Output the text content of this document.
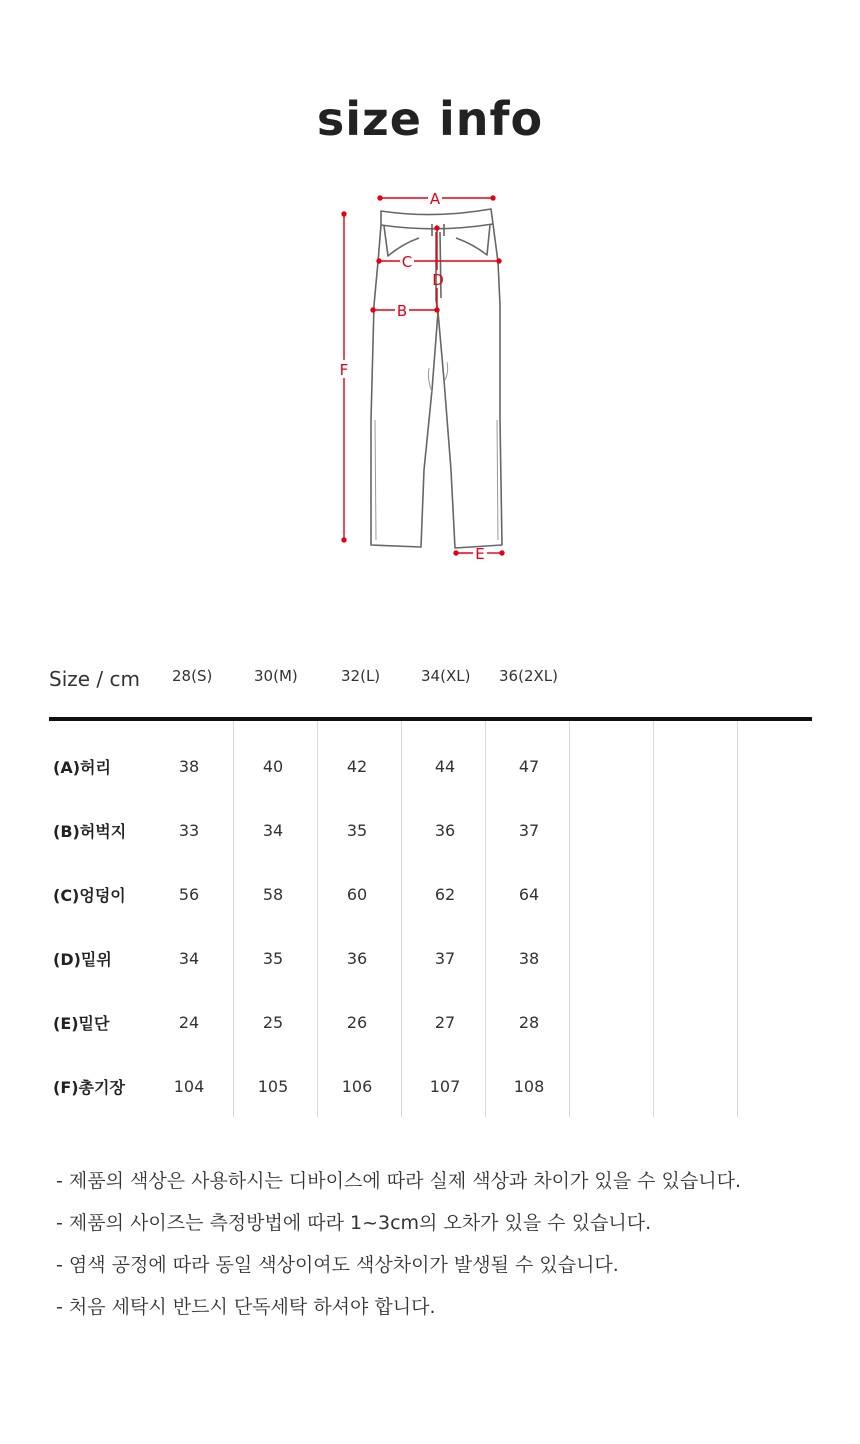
size info
A
C
D
B
F
E
Size / cm 28(S)	30(M)	32(L)	34(XL) 36(2XL)
(A)허리	38	40	42	44	47
(B)허벅지	33	34	35	36	37
(C)엉덩이	56	58	60	62	64
(D)밑위	34	35	36	37	38
(E)밑단	24	25	26	27	28
(F)총기장	104	105	106	107	108
- 제품의 색상은 사용하시는 디바이스에 따라 실제 색상과 차이가 있을 수 있습니다.
- 제품의 사이즈는 측정방법에 따라 1~3cm의 오차가 있을 수 있습니다.
- 염색 공정에 따라 동일 색상이여도 색상차이가 발생될 수 있습니다.
- 처음 세탁시 반드시 단독세탁 하셔야 합니다.
